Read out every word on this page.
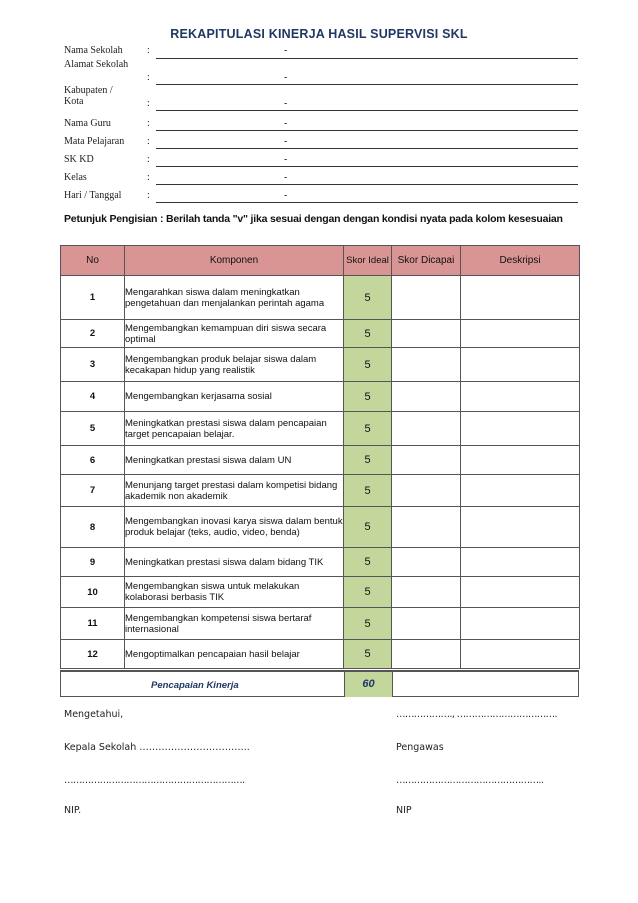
REKAPITULASI KINERJA HASIL SUPERVISI SKL
Nama Sekolah :	-
Alamat Sekolah
:	-
Kabupaten / Kota	:	-
Nama Guru	:	-
Mata Pelajaran :	-
SK KD	:	-
Kelas	:	-
Hari / Tanggal	:	-
Petunjuk Pengisian : Berilah tanda "v" jika sesuai dengan dengan kondisi nyata pada kolom kesesuaian
No	Komponen	Skor Ideal	Skor Dicapai	Deskripsi
1	Mengarahkan siswa dalam meningkatkan pengetahuan dan menjalankan perintah agama	5		
2	Mengembangkan kemampuan diri siswa secara optimal	5		
3	Mengembangkan produk belajar siswa dalam kecakapan hidup yang realistik	5		
4	Mengembangkan kerjasama sosial	5		
5	Meningkatkan prestasi siswa dalam pencapaian target pencapaian belajar.	5		
6	Meningkatkan prestasi siswa dalam UN	5		
7	Menunjang target prestasi dalam kompetisi bidang akademik non akademik	5		
8	Mengembangkan inovasi karya siswa dalam bentuk produk belajar (teks, audio, video, benda)	5		
9	Meningkatkan prestasi siswa dalam bidang TIK	5		
10	Mengembangkan siswa untuk melakukan kolaborasi berbasis TIK	5		
11	Mengembangkan kompetensi siswa bertaraf internasional	5		
12	Mengoptimalkan pencapaian hasil belajar	5		
Pencapaian Kinerja	60
Mengetahui,
Kepala Sekolah ……………………………..
…………………………………………………….
NIP.
………………., …………………………….
Pengawas
…………………………………………..
NIP
